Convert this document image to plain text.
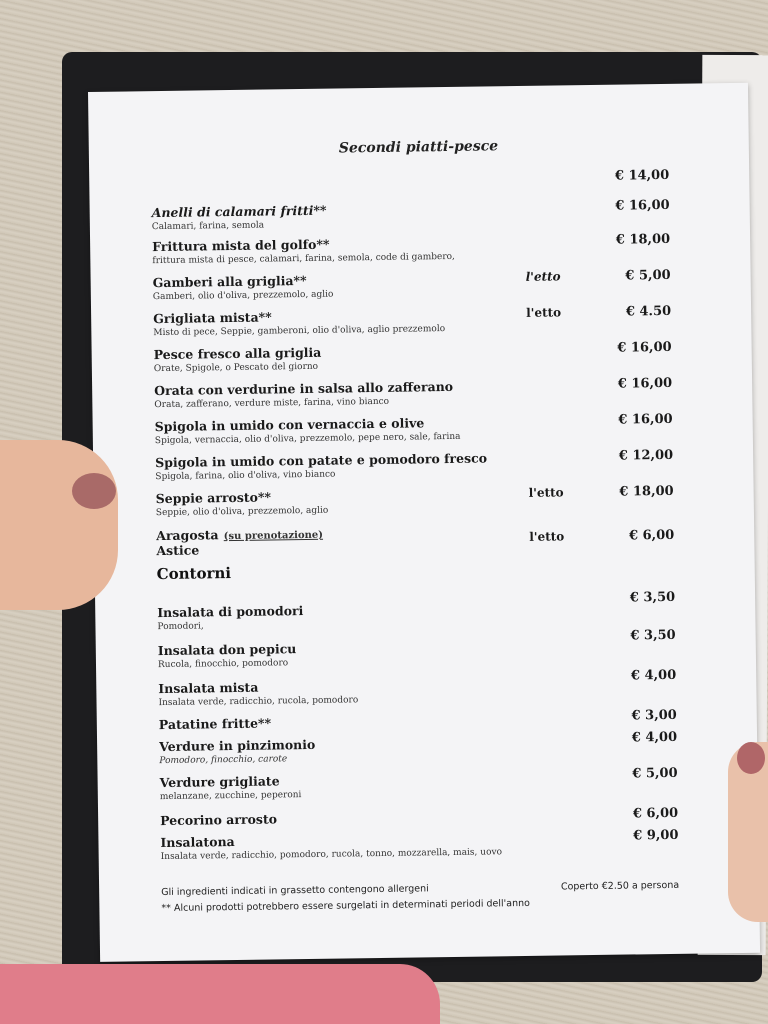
Secondi piatti-pesce
€ 14,00
Anelli di calamari fritti**
Calamari, farina, semola
€ 16,00
Frittura mista del golfo**
frittura mista di pesce, calamari, farina, semola, code di gambero,
€ 18,00
Gamberi alla griglia**
Gamberi, olio d'oliva, prezzemolo, aglio
l'etto	€ 5,00
Grigliata mista**
Misto di pece, Seppie, gamberoni, olio d'oliva, aglio prezzemolo
l'etto	€ 4.50
Pesce fresco alla griglia
Orate, Spigole, o Pescato del giorno
€ 16,00
Orata con verdurine in salsa allo zafferano
Orata, zafferano, verdure miste, farina, vino bianco
€ 16,00
Spigola in umido con vernaccia e olive
Spigola, vernaccia, olio d'oliva, prezzemolo, pepe nero, sale, farina
€ 16,00
Spigola in umido con patate e pomodoro fresco
Spigola, farina, olio d'oliva, vino bianco
€ 12,00
Seppie arrosto**
Seppie, olio d'oliva, prezzemolo, aglio
l'etto	€ 18,00
Aragosta (su prenotazione)
Astice
l'etto	€ 6,00
Contorni
Insalata di pomodori
Pomodori,
€ 3,50
Insalata don pepicu
Rucola, finocchio, pomodoro
€ 3,50
Insalata mista
Insalata verde, radicchio, rucola, pomodoro
€ 4,00
Patatine fritte**	€ 3,00
Verdure in pinzimonio
Pomodoro, finocchio, carote
€ 4,00
Verdure grigliate
melanzane, zucchine, peperoni
€ 5,00
Pecorino arrosto	€ 6,00
Insalatona
Insalata verde, radicchio, pomodoro, rucola, tonno, mozzarella, mais, uovo
€ 9,00
Gli ingredienti indicati in grassetto contengono allergeni	Coperto €2.50 a persona
** Alcuni prodotti potrebbero essere surgelati in determinati periodi dell'anno
